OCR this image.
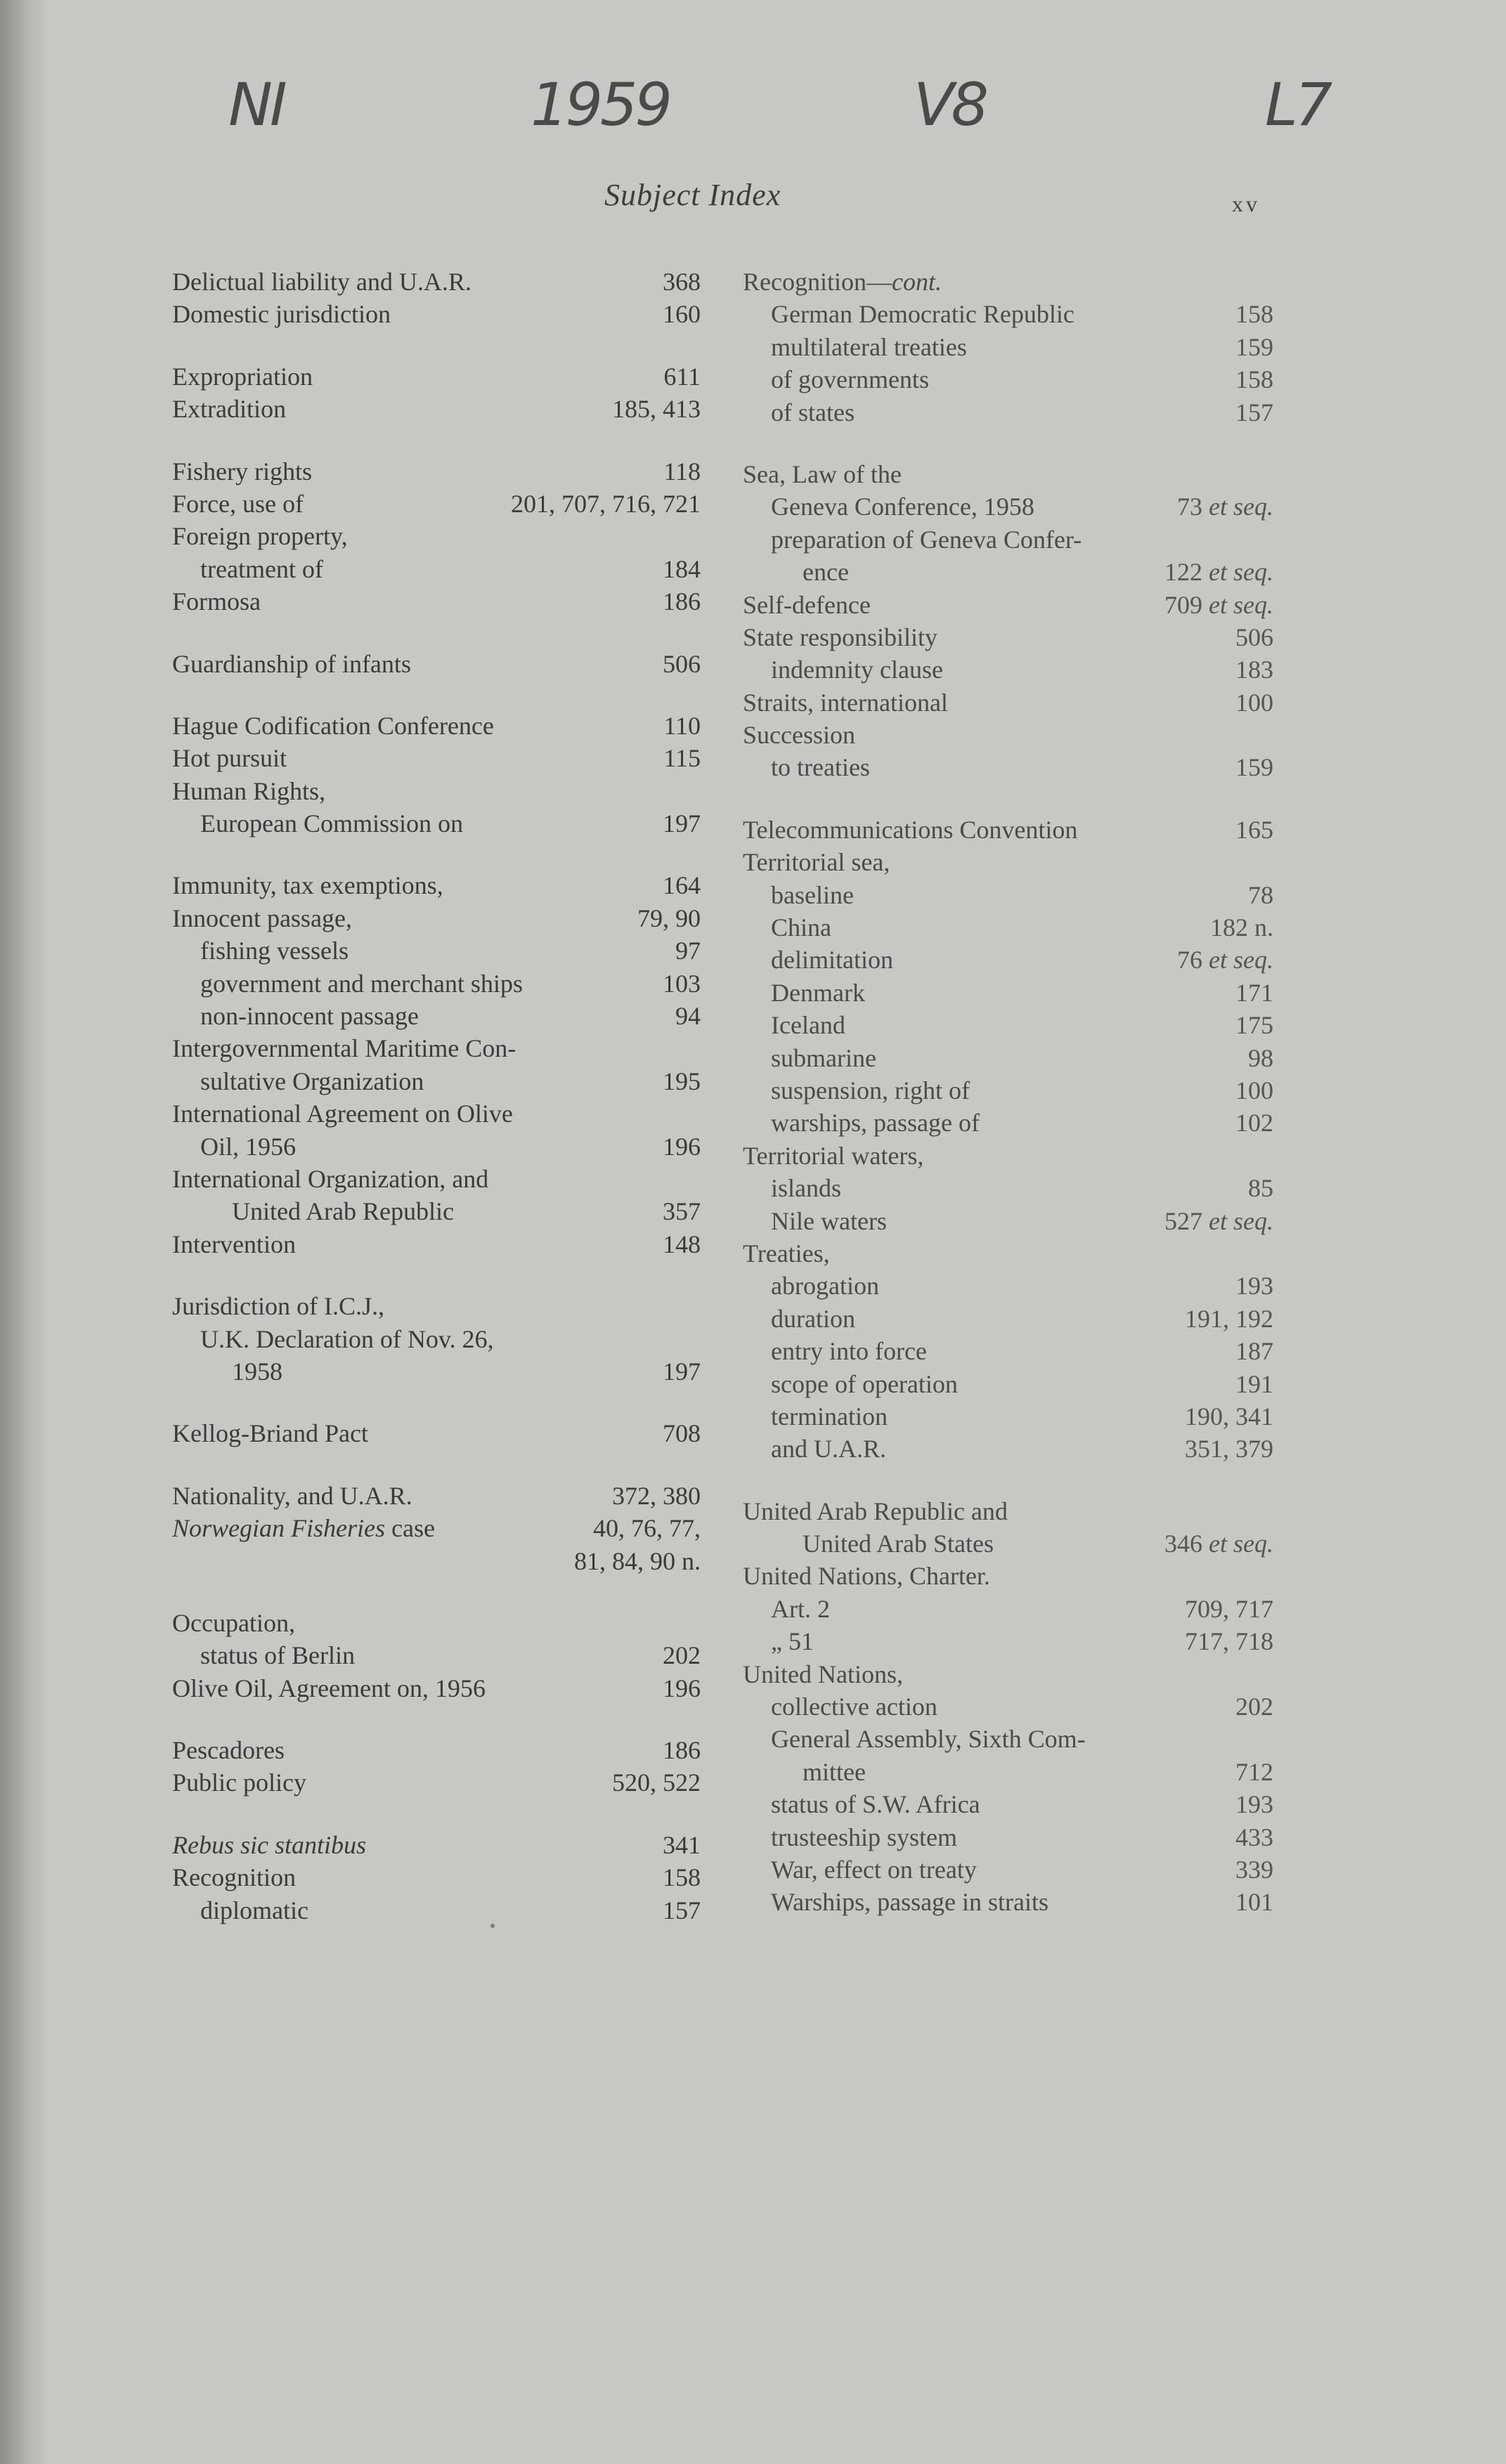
NI	1959	V8	L7
Subject Index	xv
Delictual liability and U.A.R.	368
Domestic jurisdiction	160
Expropriation	611
Extradition	185, 413
Fishery rights	118
Force, use of	201, 707, 716, 721
Foreign property,
treatment of	184
Formosa	186
Guardianship of infants	506
Hague Codification Conference	110
Hot pursuit	115
Human Rights,
European Commission on	197
Immunity, tax exemptions,	164
Innocent passage,	79, 90
fishing vessels	97
government and merchant ships	103
non-innocent passage	94
Intergovernmental Maritime Con-
sultative Organization	195
International Agreement on Olive
Oil, 1956	196
International Organization, and
United Arab Republic	357
Intervention	148
Jurisdiction of I.C.J.,
U.K. Declaration of Nov. 26,
1958	197
Kellog-Briand Pact	708
Nationality, and U.A.R.	372, 380
Norwegian Fisheries case	40, 76, 77,
81, 84, 90 n.
Occupation,
status of Berlin	202
Olive Oil, Agreement on, 1956	196
Pescadores	186
Public policy	520, 522
Rebus sic stantibus	341
Recognition	158
diplomatic	157
Recognition—cont.
German Democratic Republic	158
multilateral treaties	159
of governments	158
of states	157
Sea, Law of the
Geneva Conference, 1958	73 et seq.
preparation of Geneva Confer-
ence	122 et seq.
Self-defence	709 et seq.
State responsibility	506
indemnity clause	183
Straits, international	100
Succession
to treaties	159
Telecommunications Convention	165
Territorial sea,
baseline	78
China	182 n.
delimitation	76 et seq.
Denmark	171
Iceland	175
submarine	98
suspension, right of	100
warships, passage of	102
Territorial waters,
islands	85
Nile waters	527 et seq.
Treaties,
abrogation	193
duration	191, 192
entry into force	187
scope of operation	191
termination	190, 341
and U.A.R.	351, 379
United Arab Republic and
United Arab States	346 et seq.
United Nations, Charter.
Art. 2	709, 717
„ 51	717, 718
United Nations,
collective action	202
General Assembly, Sixth Com-
mittee	712
status of S.W. Africa	193
trusteeship system	433
War, effect on treaty	339
Warships, passage in straits	101
